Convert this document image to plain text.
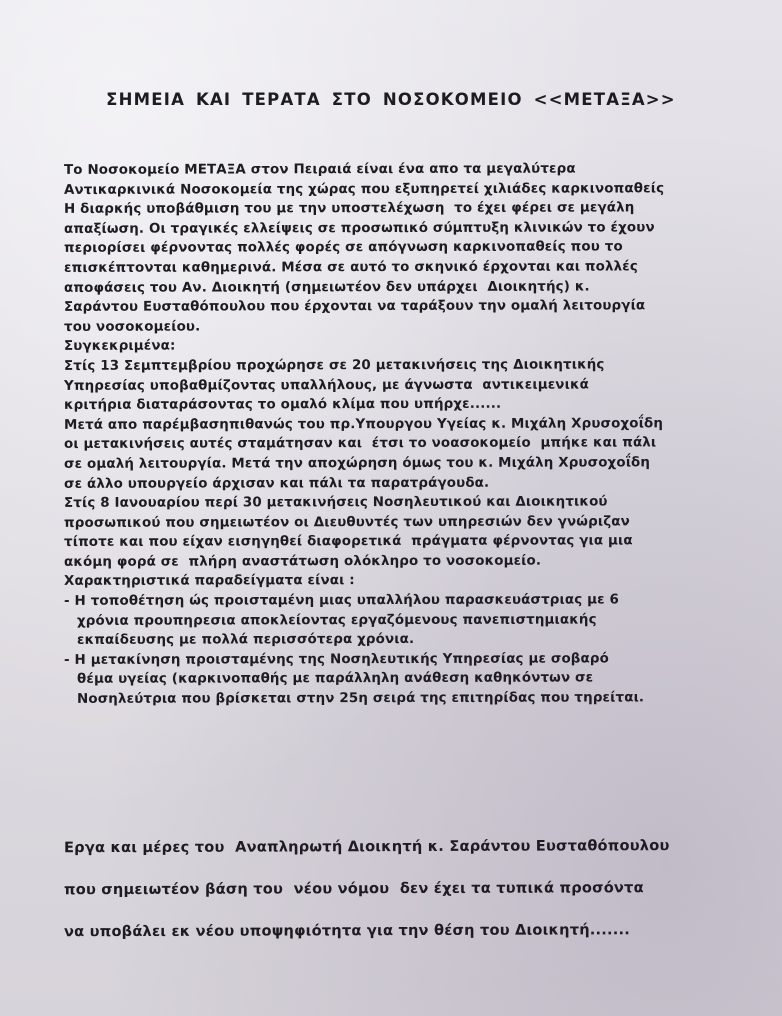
ΣΗΜΕΙΑ ΚΑΙ ΤΕΡΑΤΑ ΣΤΟ ΝΟΣΟΚΟΜΕΙΟ <<ΜΕΤΑΞΑ>>
Το Νοσοκομείο ΜΕΤΑΞΑ στον Πειραιά είναι ένα απο τα μεγαλύτερα
Αντικαρκινικά Νοσοκομεία της χώρας που εξυπηρετεί χιλιάδες καρκινοπαθείς
Η διαρκής υποβάθμιση του με την υποστελέχωση  το έχει φέρει σε μεγάλη
απαξίωση. Οι τραγικές ελλείψεις σε προσωπικό σύμπτυξη κλινικών το έχουν
περιορίσει φέρνοντας πολλές φορές σε απόγνωση καρκινοπαθείς που το
επισκέπτονται καθημερινά. Μέσα σε αυτό το σκηνικό έρχονται και πολλές
αποφάσεις του Αν. Διοικητή (σημειωτέον δεν υπάρχει  Διοικητής) κ.
Σαράντου Ευσταθόπουλου που έρχονται να ταράξουν την ομαλή λειτουργία
του νοσοκομείου.
Συγκεκριμένα:
Στίς 13 Σεμπτεμβρίου προχώρησε σε 20 μετακινήσεις της Διοικητικής
Υπηρεσίας υποβαθμίζοντας υπαλλήλους, με άγνωστα  αντικειμενικά
κριτήρια διαταράσοντας το ομαλό κλίμα που υπήρχε......
Μετά απο παρέμβασηπιθανώς του πρ.Υπουργου Υγείας κ. Μιχάλη Χρυσοχοΐδη
οι μετακινήσεις αυτές σταμάτησαν και  έτσι το νοασοκομείο  μπήκε και πάλι
σε ομαλή λειτουργία. Μετά την αποχώρηση όμως του κ. Μιχάλη Χρυσοχοΐδη
σε άλλο υπουργείο άρχισαν και πάλι τα παρατράγουδα.
Στίς 8 Ιανουαρίου περί 30 μετακινήσεις Νοσηλευτικού και Διοικητικού
προσωπικού που σημειωτέον οι Διευθυντές των υπηρεσιών δεν γνώριζαν
τίποτε και που είχαν εισηγηθεί διαφορετικά  πράγματα φέρνοντας για μια
ακόμη φορά σε  πλήρη αναστάτωση ολόκληρο το νοσοκομείο.
Χαρακτηριστικά παραδείγματα είναι :
- Η τοποθέτηση ώς προισταμένη μιας υπαλλήλου παρασκευάστριας με 6
χρόνια προυπηρεσια αποκλείοντας εργαζόμενους πανεπιστημιακής
εκπαίδευσης με πολλά περισσότερα χρόνια.
- Η μετακίνηση προισταμένης της Νοσηλευτικής Υπηρεσίας με σοβαρό
θέμα υγείας (καρκινοπαθής με παράλληλη ανάθεση καθηκόντων σε
Νοσηλεύτρια που βρίσκεται στην 25η σειρά της επιτηρίδας που τηρείται.
Εργα και μέρες του  Αναπληρωτή Διοικητή κ. Σαράντου Ευσταθόπουλου
που σημειωτέον βάση του  νέου νόμου  δεν έχει τα τυπικά προσόντα
να υποβάλει εκ νέου υποψηφιότητα για την θέση του Διοικητή.......
